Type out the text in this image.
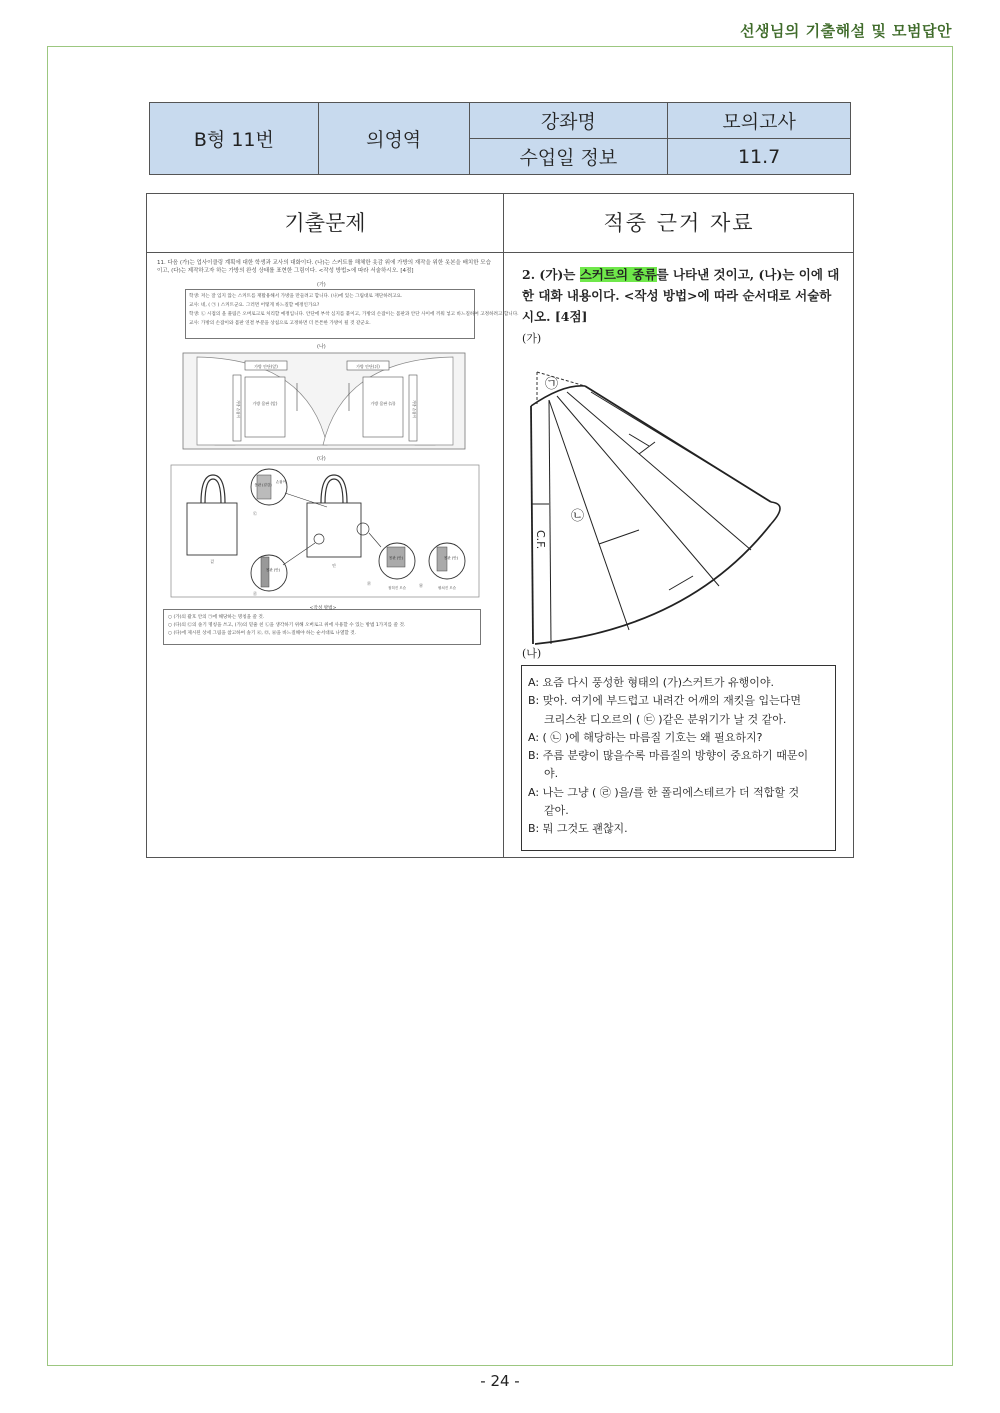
선생님의 기출해설 및 모범답안
B형 11번	의영역	강좌명	모의고사
		수업일 정보	11.7
기출문제	적중 근거 자료
11. 다음 (가)는 업사이클링 계획에 대한 학생과 교사의 대화이다. (나)는 스커트를 해체한 옷감 위에 가방의 재작을 위한 옷본을 배치한 모습이고, (다)는 제작하고자 하는 가방의 완성 상태를 표현한 그림이다. <작성 방법>에 따라 서술하시오. [4점]
(가)
학생: 저는 잘 입지 않는 스커트를 재활용해서 가방을 만들려고 합니다. (나)에 있는 그림대로 재단하려고요.
교사: 네, ( ㉠ ) 스커트군요. 그러면 어떻게 바느질할 예정인가요?
학생: ㉡ 시접의 올 풀림은 오버로크로 처리할 예정입니다. 안단에 부착 심지를 붙이고, 가방의 손잡이는 몸판과 안단 사이에 끼워 넣고 바느질하여 고정하려고 합니다.
교사: 가방의 손잡이와 몸판 연결 부분을 상침으로 고정하면 더 튼튼한 가방이 될 것 같군요.
(나)
가방 안단(앞)	가방 안단(뒤)
가방 몸판 (앞)	가방 몸판 (뒤)
가방 손잡이	가방 손잡이
(다)
겉
안
몸판 (겉감)
손잡이
㉢
몸판 (안)
㉣
몸판 (안)
접혀진 모습
몸판 (안)
펼쳐진 모습
㉤	㉥
<작성 방법>
○ (가)의 괄호 안의 ㉠에 해당하는 명칭을 쓸 것.
○ (다)의 ㉢의 솔기 명칭을 쓰고, (가)의 밑줄 친 ㉡을 생각하기 위해 오버로크 위에 사용할 수 있는 방법 1가지를 쓸 것.
○ (다)에 제시된 상세 그림을 참고하여 솔기 ㉣, ㉤, ㉥을 바느질해야 하는 순서대로 나열할 것.
2. (가)는 스커트의 종류를 나타낸 것이고, (나)는 이에 대한 대화 내용이다. <작성 방법>에 따라 순서대로 서술하시오. [4점]
(가)
㉠
㉡
C.F.
(나)
A: 요즘 다시 풍성한 형태의 (가)스커트가 유행이야.
B: 맞아. 여기에 부드럽고 내려간 어깨의 재킷을 입는다면
크리스찬 디오르의 ( ㉢ )같은 분위기가 날 것 같아.
A: ( ㉡ )에 해당하는 마름질 기호는 왜 필요하지?
B: 주름 분량이 많을수록 마름질의 방향이 중요하기 때문이
야.
A: 나는 그냥 ( ㉣ )을/를 한 폴리에스테르가 더 적합할 것
같아.
B: 뭐 그것도 괜찮지.
- 24 -
